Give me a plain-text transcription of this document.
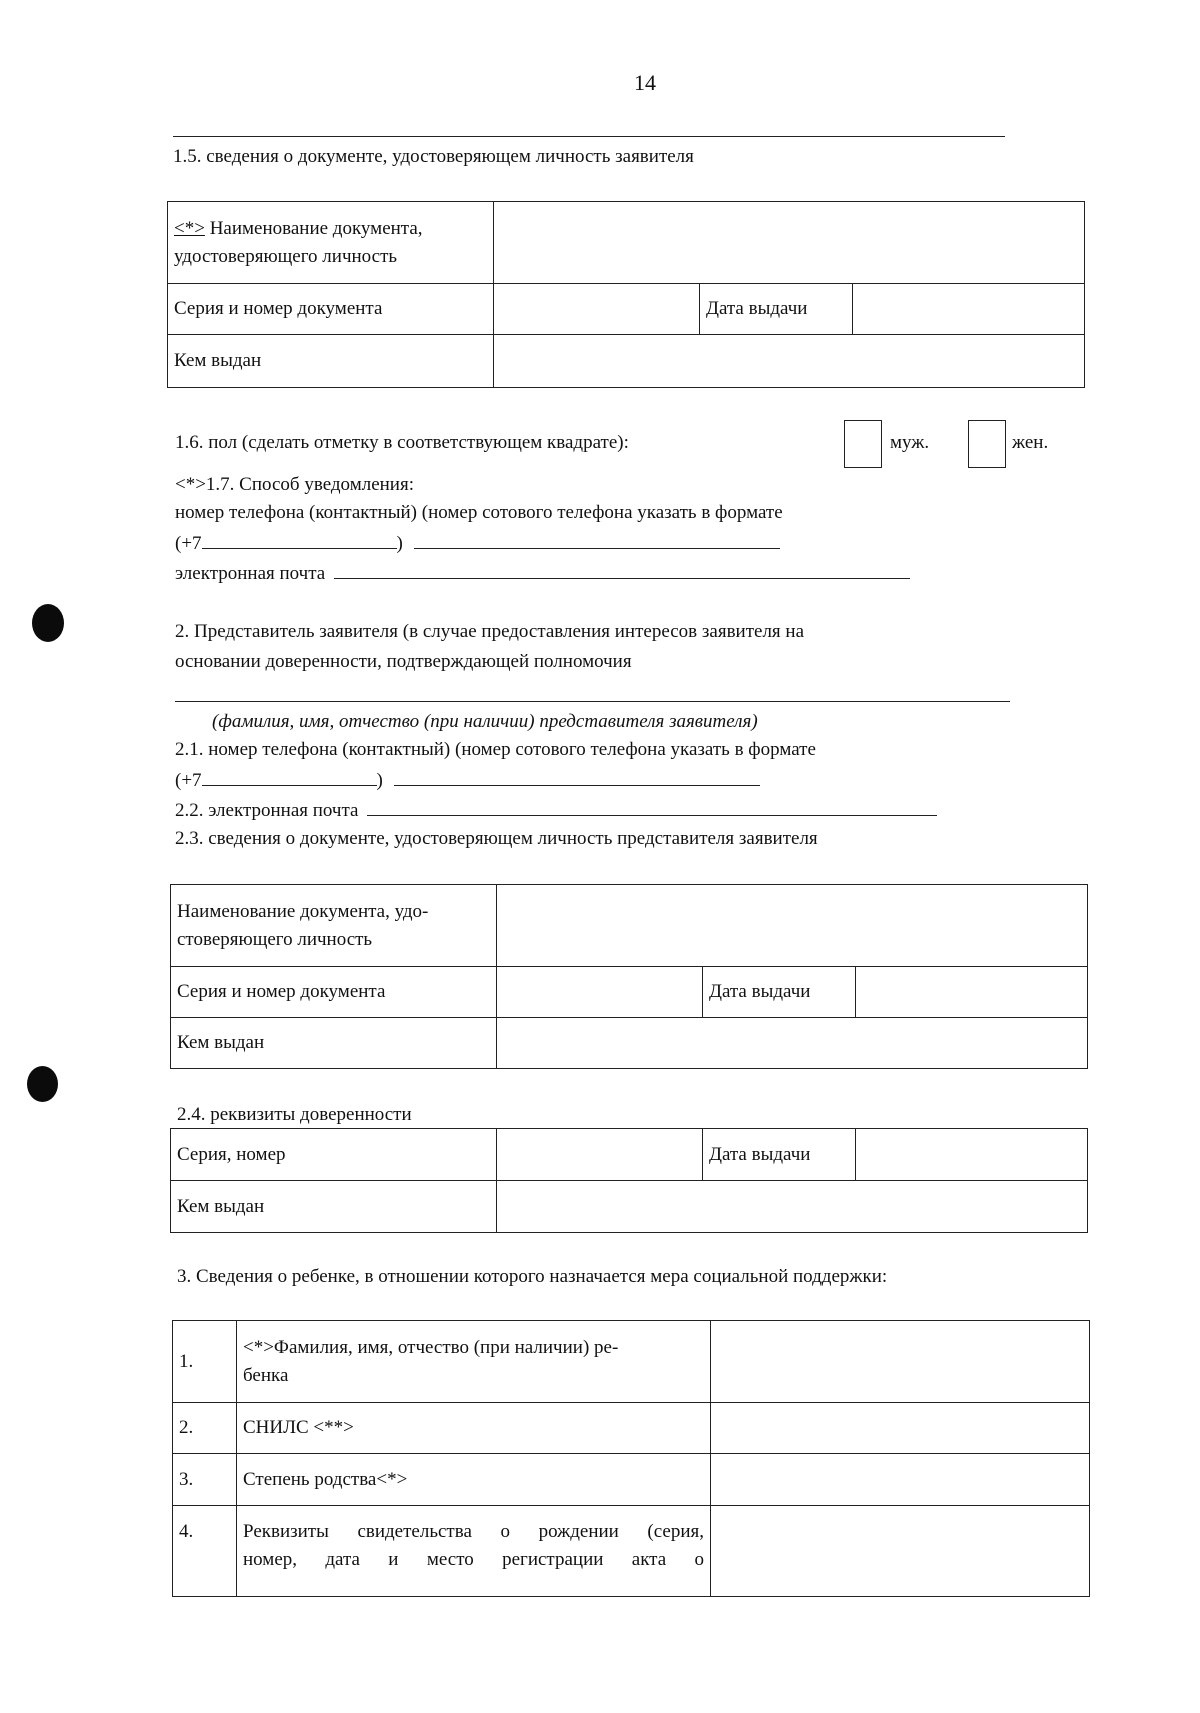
14
1.5. сведения о документе, удостоверяющем личность заявителя
<*> Наименование документа,
удостоверяющего личность			

Серия и номер документа		Дата выдачи	
Кем выдан			
1.6. пол (сделать отметку в соответствующем квадрате):	муж.	жен.
<*>1.7. Способ уведомления:
номер телефона (контактный) (номер сотового телефона указать в формате
(+7	)
электронная почта
2. Представитель заявителя (в случае предоставления интересов заявителя на
основании доверенности, подтверждающей полномочия
(фамилия, имя, отчество (при наличии) представителя заявителя)
2.1. номер телефона (контактный) (номер сотового телефона указать в формате
(+7	)
2.2. электронная почта
2.3. сведения о документе, удостоверяющем личность представителя заявителя
Наименование документа, удо-
стоверяющего личность			

Серия и номер документа		Дата выдачи	
Кем выдан			
2.4. реквизиты доверенности
Серия, номер		Дата выдачи	
Кем выдан			
3. Сведения о ребенке, в отношении которого назначается мера социальной поддержки:
1.	<*>Фамилия, имя, отчество (при наличии) ре-
бенка	

2.	СНИЛС <**>	
3.	Степень родства<*>	
4.	Реквизиты свидетельства о рождении (серия,
номер, дата и место регистрации акта о	
